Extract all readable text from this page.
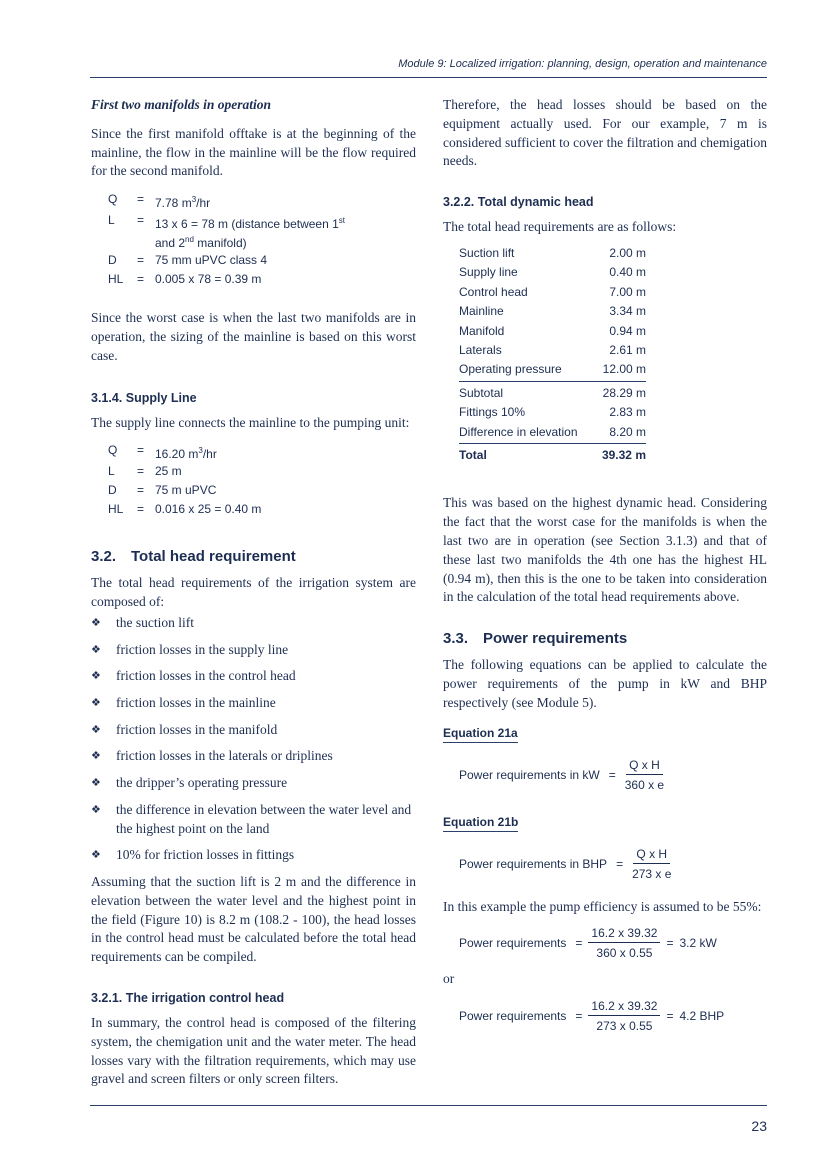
Module 9: Localized irrigation: planning, design, operation and maintenance
First two manifolds in operation

Since the first manifold offtake is at the beginning of the mainline, the flow in the mainline will be the flow required for the second manifold.

Q	= 7.78 $m^3/hr$
L	= 13 x 6 = 78 m (distance between 1st
and 2nd manifold)
D	= 75 mm uPVC class 4
HL	= 0.005 x 78 = 0.39 m

Since the worst case is when the last two manifolds are in operation, the sizing of the mainline is based on this worst case.

3.1.4. Supply Line

The supply line connects the mainline to the pumping unit:

Q	= 16.20 $m^3/hr$
L	= 25 m
D	= 75 m uPVC
HL	= 0.016 x 25 = 0.40 m
3.2. Total head requirement

The total head requirements of the irrigation system are composed of:

❖ the suction lift
❖ friction losses in the supply line
❖ friction losses in the control head
❖ friction losses in the mainline
❖ friction losses in the manifold
❖ friction losses in the laterals or driplines
❖ the dripper’s operating pressure
❖ the difference in elevation between the water level and the highest point on the land
❖ 10% for friction losses in fittings

Assuming that the suction lift is 2 m and the difference in elevation between the water level and the highest point in the field (Figure 10) is 8.2 m (108.2 - 100), the head losses in the control head must be calculated before the total head requirements can be compiled.

3.2.1. The irrigation control head

In summary, the control head is composed of the filtering system, the chemigation unit and the water meter. The head losses vary with the filtration requirements, which may use gravel and screen filters or only screen filters.

Therefore, the head losses should be based on the equipment actually used. For our example, 7 m is considered sufficient to cover the filtration and chemigation needs.

3.2.2. Total dynamic head

The total head requirements are as follows:

Suction lift	2.00 m
Supply line	0.40 m
Control head	7.00 m
Mainline	3.34 m
Manifold	0.94 m
Laterals	2.61 m
Operating pressure	12.00 m
Subtotal	28.29 m
Fittings 10%	2.83 m
Difference in elevation	8.20 m
Total	39.32 m

This was based on the highest dynamic head. Considering the fact that the worst case for the manifolds is when the last two are in operation (see Section 3.1.3) and that of these last two manifolds the 4th one has the highest HL (0.94 m), then this is the one to be taken into consideration in the calculation of the total head requirements above.

3.3. Power requirements

The following equations can be applied to calculate the power requirements of the pump in kW and BHP respectively (see Module 5).

Equation 21a
Power requirements in kW = $\frac{\text{Q x H}}{\text{360 x e}}$
Equation 21b
Power requirements in BHP = $\frac{\text{Q x H}}{\text{273 x e}}$

In this example the pump efficiency is assumed to be 55%:

Power requirements = $\frac{16.2 x 39.32}{360 x 0.55} = 3.2$ kW

or

Power requirements = $\frac{16.2 x 39.32}{273 x 0.55} = 4.2$ BHP
23
